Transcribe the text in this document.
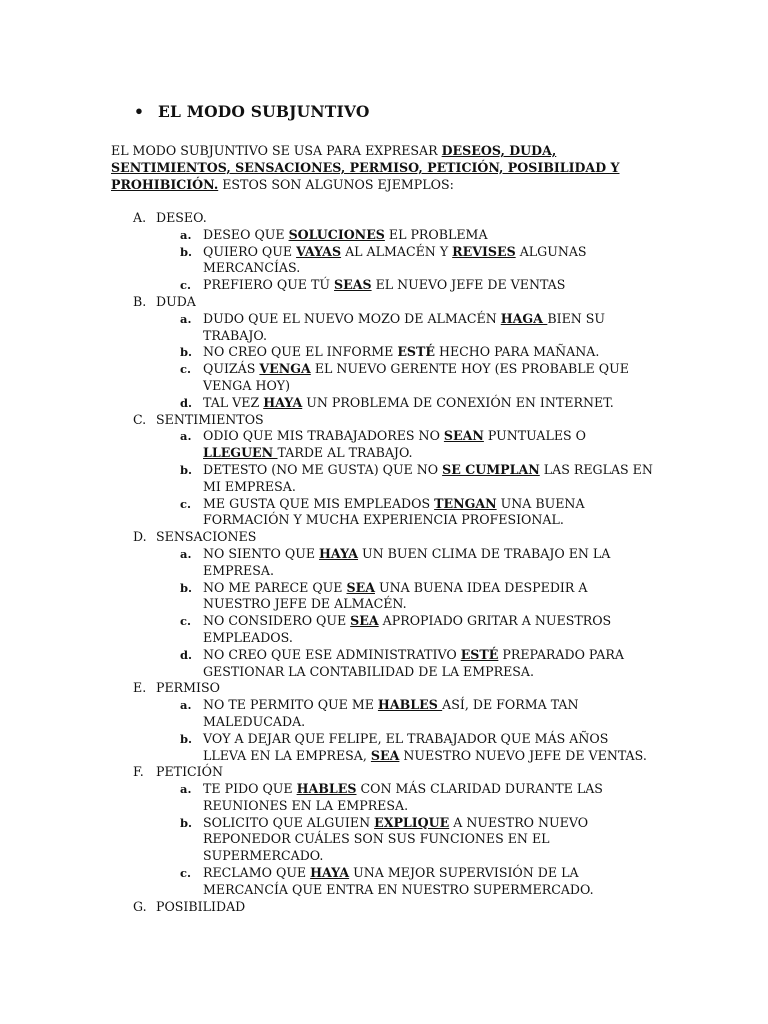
• EL MODO SUBJUNTIVO
EL MODO SUBJUNTIVO SE USA PARA EXPRESAR DESEOS, DUDA, SENTIMIENTOS, SENSACIONES, PERMISO, PETICIÓN, POSIBILIDAD Y PROHIBICIÓN. ESTOS SON ALGUNOS EJEMPLOS:
A. DESEO.
a. DESEO QUE SOLUCIONES EL PROBLEMA
b. QUIERO QUE VAYAS AL ALMACÉN Y REVISES ALGUNAS MERCANCÍAS.
c. PREFIERO QUE TÚ SEAS EL NUEVO JEFE DE VENTAS
B. DUDA
a. DUDO QUE EL NUEVO MOZO DE ALMACÉN HAGA BIEN SU TRABAJO.
b. NO CREO QUE EL INFORME ESTÉ HECHO PARA MAÑANA.
c. QUIZÁS VENGA EL NUEVO GERENTE HOY (ES PROBABLE QUE VENGA HOY)
d. TAL VEZ HAYA UN PROBLEMA DE CONEXIÓN EN INTERNET.
C. SENTIMIENTOS
a. ODIO QUE MIS TRABAJADORES NO SEAN PUNTUALES O LLEGUEN TARDE AL TRABAJO.
b. DETESTO (NO ME GUSTA) QUE NO SE CUMPLAN LAS REGLAS EN MI EMPRESA.
c. ME GUSTA QUE MIS EMPLEADOS TENGAN UNA BUENA FORMACIÓN Y MUCHA EXPERIENCIA PROFESIONAL.
D. SENSACIONES
a. NO SIENTO QUE HAYA UN BUEN CLIMA DE TRABAJO EN LA EMPRESA.
b. NO ME PARECE QUE SEA UNA BUENA IDEA DESPEDIR A NUESTRO JEFE DE ALMACÉN.
c. NO CONSIDERO QUE SEA APROPIADO GRITAR A NUESTROS EMPLEADOS.
d. NO CREO QUE ESE ADMINISTRATIVO ESTÉ PREPARADO PARA GESTIONAR LA CONTABILIDAD DE LA EMPRESA.
E. PERMISO
a. NO TE PERMITO QUE ME HABLES ASÍ, DE FORMA TAN MALEDUCADA.
b. VOY A DEJAR QUE FELIPE, EL TRABAJADOR QUE MÁS AÑOS LLEVA EN LA EMPRESA, SEA NUESTRO NUEVO JEFE DE VENTAS.
F. PETICIÓN
a. TE PIDO QUE HABLES CON MÁS CLARIDAD DURANTE LAS REUNIONES EN LA EMPRESA.
b. SOLICITO QUE ALGUIEN EXPLIQUE A NUESTRO NUEVO REPONEDOR CUÁLES SON SUS FUNCIONES EN EL SUPERMERCADO.
c. RECLAMO QUE HAYA UNA MEJOR SUPERVISIÓN DE LA MERCANCÍA QUE ENTRA EN NUESTRO SUPERMERCADO.
G. POSIBILIDAD
